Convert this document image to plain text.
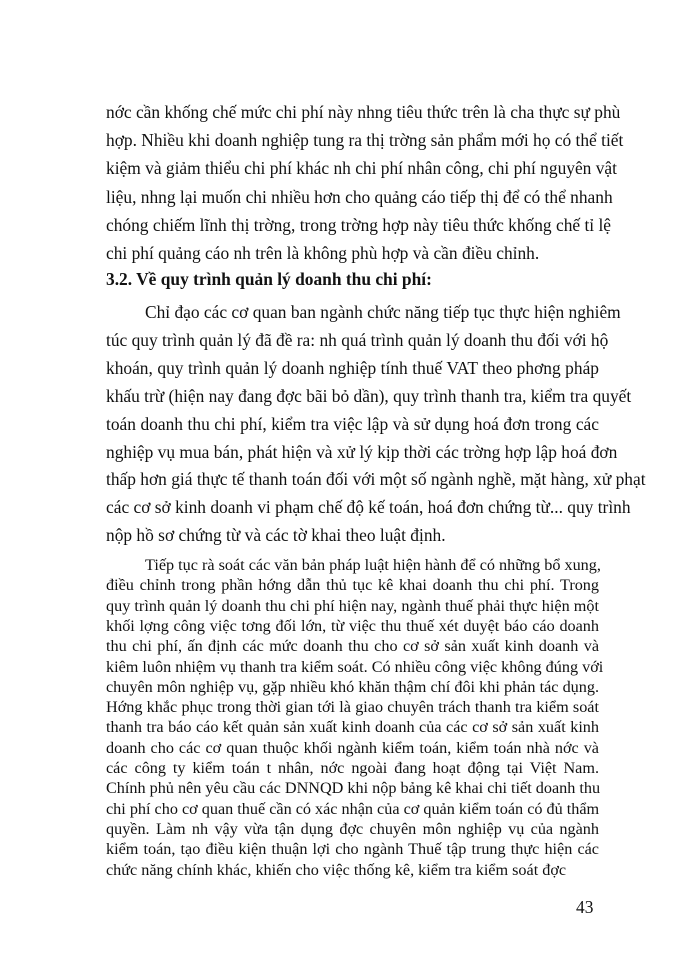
nớc cần khống chế mức chi phí này nhng tiêu thức trên là cha thực sự phù
hợp. Nhiều khi doanh nghiệp tung ra thị trờng sản phẩm mới họ có thể tiết
kiệm và giảm thiểu chi phí khác nh chi phí nhân công, chi phí nguyên vật
liệu, nhng lại muốn chi nhiều hơn cho quảng cáo tiếp thị để có thể nhanh
chóng chiếm lĩnh thị trờng, trong trờng hợp này tiêu thức khống chế tỉ lệ
chi phí quảng cáo nh trên là không phù hợp và cần điều chỉnh.
3.2. Về quy trình quản lý doanh thu chi phí:
Chỉ đạo các cơ quan ban ngành chức năng tiếp tục thực hiện nghiêm
túc quy trình quản lý đã đề ra: nh quá trình quản lý doanh thu đối với hộ
khoán, quy trình quản lý doanh nghiệp tính thuế VAT theo phơng pháp
khấu trừ (hiện nay đang đợc bãi bỏ dần), quy trình thanh tra, kiểm tra quyết
toán doanh thu chi phí, kiểm tra việc lập và sử dụng hoá đơn trong các
nghiệp vụ mua bán, phát hiện và xử lý kịp thời các trờng hợp lập hoá đơn
thấp hơn giá thực tế thanh toán đối với một số ngành nghề, mặt hàng, xử phạt
các cơ sở kinh doanh vi phạm chế độ kế toán, hoá đơn chứng từ... quy trình
nộp hồ sơ chứng từ và các tờ khai theo luật định.
Tiếp tục rà soát các văn bản pháp luật hiện hành để có những bổ xung,
điều chỉnh trong phần hớng dẫn thủ tục kê khai doanh thu chi phí. Trong
quy trình quản lý doanh thu chi phí hiện nay, ngành thuế phải thực hiện một
khối lợng công việc tơng đối lớn, từ việc thu thuế xét duyệt báo cáo doanh
thu chi phí, ấn định các mức doanh thu cho cơ sở sản xuất kinh doanh và
kiêm luôn nhiệm vụ thanh tra kiểm soát. Có nhiều công việc không đúng với
chuyên môn nghiệp vụ, gặp nhiều khó khăn thậm chí đôi khi phản tác dụng.
Hớng khắc phục trong thời gian tới là giao chuyên trách thanh tra kiểm soát
thanh tra báo cáo kết quản sản xuất kinh doanh của các cơ sở sản xuất kinh
doanh cho các cơ quan thuộc khối ngành kiểm toán, kiểm toán nhà nớc và
các công ty kiểm toán t nhân, nớc ngoài đang hoạt động tại Việt Nam.
Chính phủ nên yêu cầu các DNNQD khi nộp bảng kê khai chi tiết doanh thu
chi phí cho cơ quan thuế cần có xác nhận của cơ quản kiểm toán có đủ thẩm
quyền. Làm nh vậy vừa tận dụng đợc chuyên môn nghiệp vụ của ngành
kiểm toán, tạo điều kiện thuận lợi cho ngành Thuế tập trung thực hiện các
chức năng chính khác, khiến cho việc thống kê, kiểm tra kiểm soát đợc
43
